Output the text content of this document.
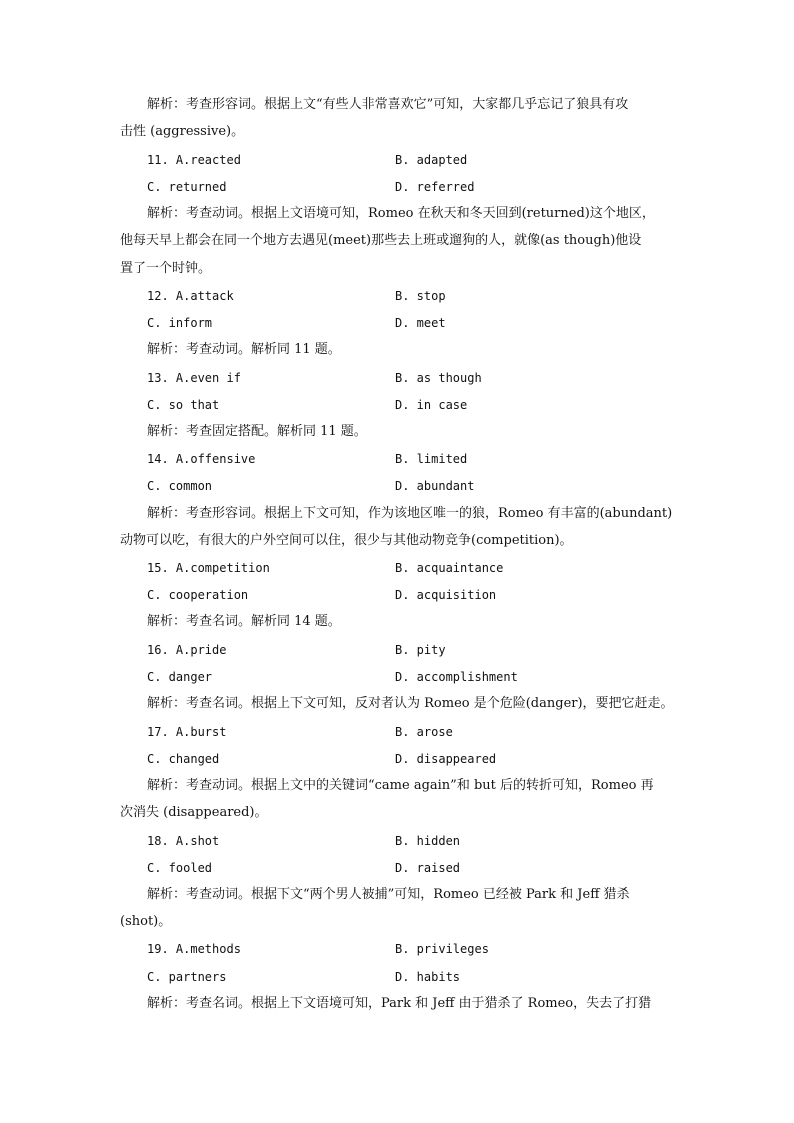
解析：考查形容词。根据上文“有些人非常喜欢它”可知，大家都几乎忘记了狼具有攻
击性 (aggressive)。
11. A.reacted	B. adapted
C. returned	D. referred
解析：考查动词。根据上文语境可知，Romeo 在秋天和冬天回到(returned)这个地区，
他每天早上都会在同一个地方去遇见(meet)那些去上班或遛狗的人，就像(as though)他设
置了一个时钟。
12. A.attack	B. stop
C. inform	D. meet
解析：考查动词。解析同 11 题。
13. A.even if	B. as though
C. so that	D. in case
解析：考查固定搭配。解析同 11 题。
14. A.offensive	B. limited
C. common	D. abundant
解析：考查形容词。根据上下文可知，作为该地区唯一的狼，Romeo 有丰富的(abundant)
动物可以吃，有很大的户外空间可以住，很少与其他动物竞争(competition)。
15. A.competition	B. acquaintance
C. cooperation	D. acquisition
解析：考查名词。解析同 14 题。
16. A.pride	B. pity
C. danger	D. accomplishment
解析：考查名词。根据上下文可知，反对者认为 Romeo 是个危险(danger)，要把它赶走。
17. A.burst	B. arose
C. changed	D. disappeared
解析：考查动词。根据上文中的关键词“came again”和 but 后的转折可知，Romeo 再
次消失 (disappeared)。
18. A.shot	B. hidden
C. fooled	D. raised
解析：考查动词。根据下文“两个男人被捕”可知，Romeo 已经被 Park 和 Jeff 猎杀
(shot)。
19. A.methods	B. privileges
C. partners	D. habits
解析：考查名词。根据上下文语境可知，Park 和 Jeff 由于猎杀了 Romeo，失去了打猎
